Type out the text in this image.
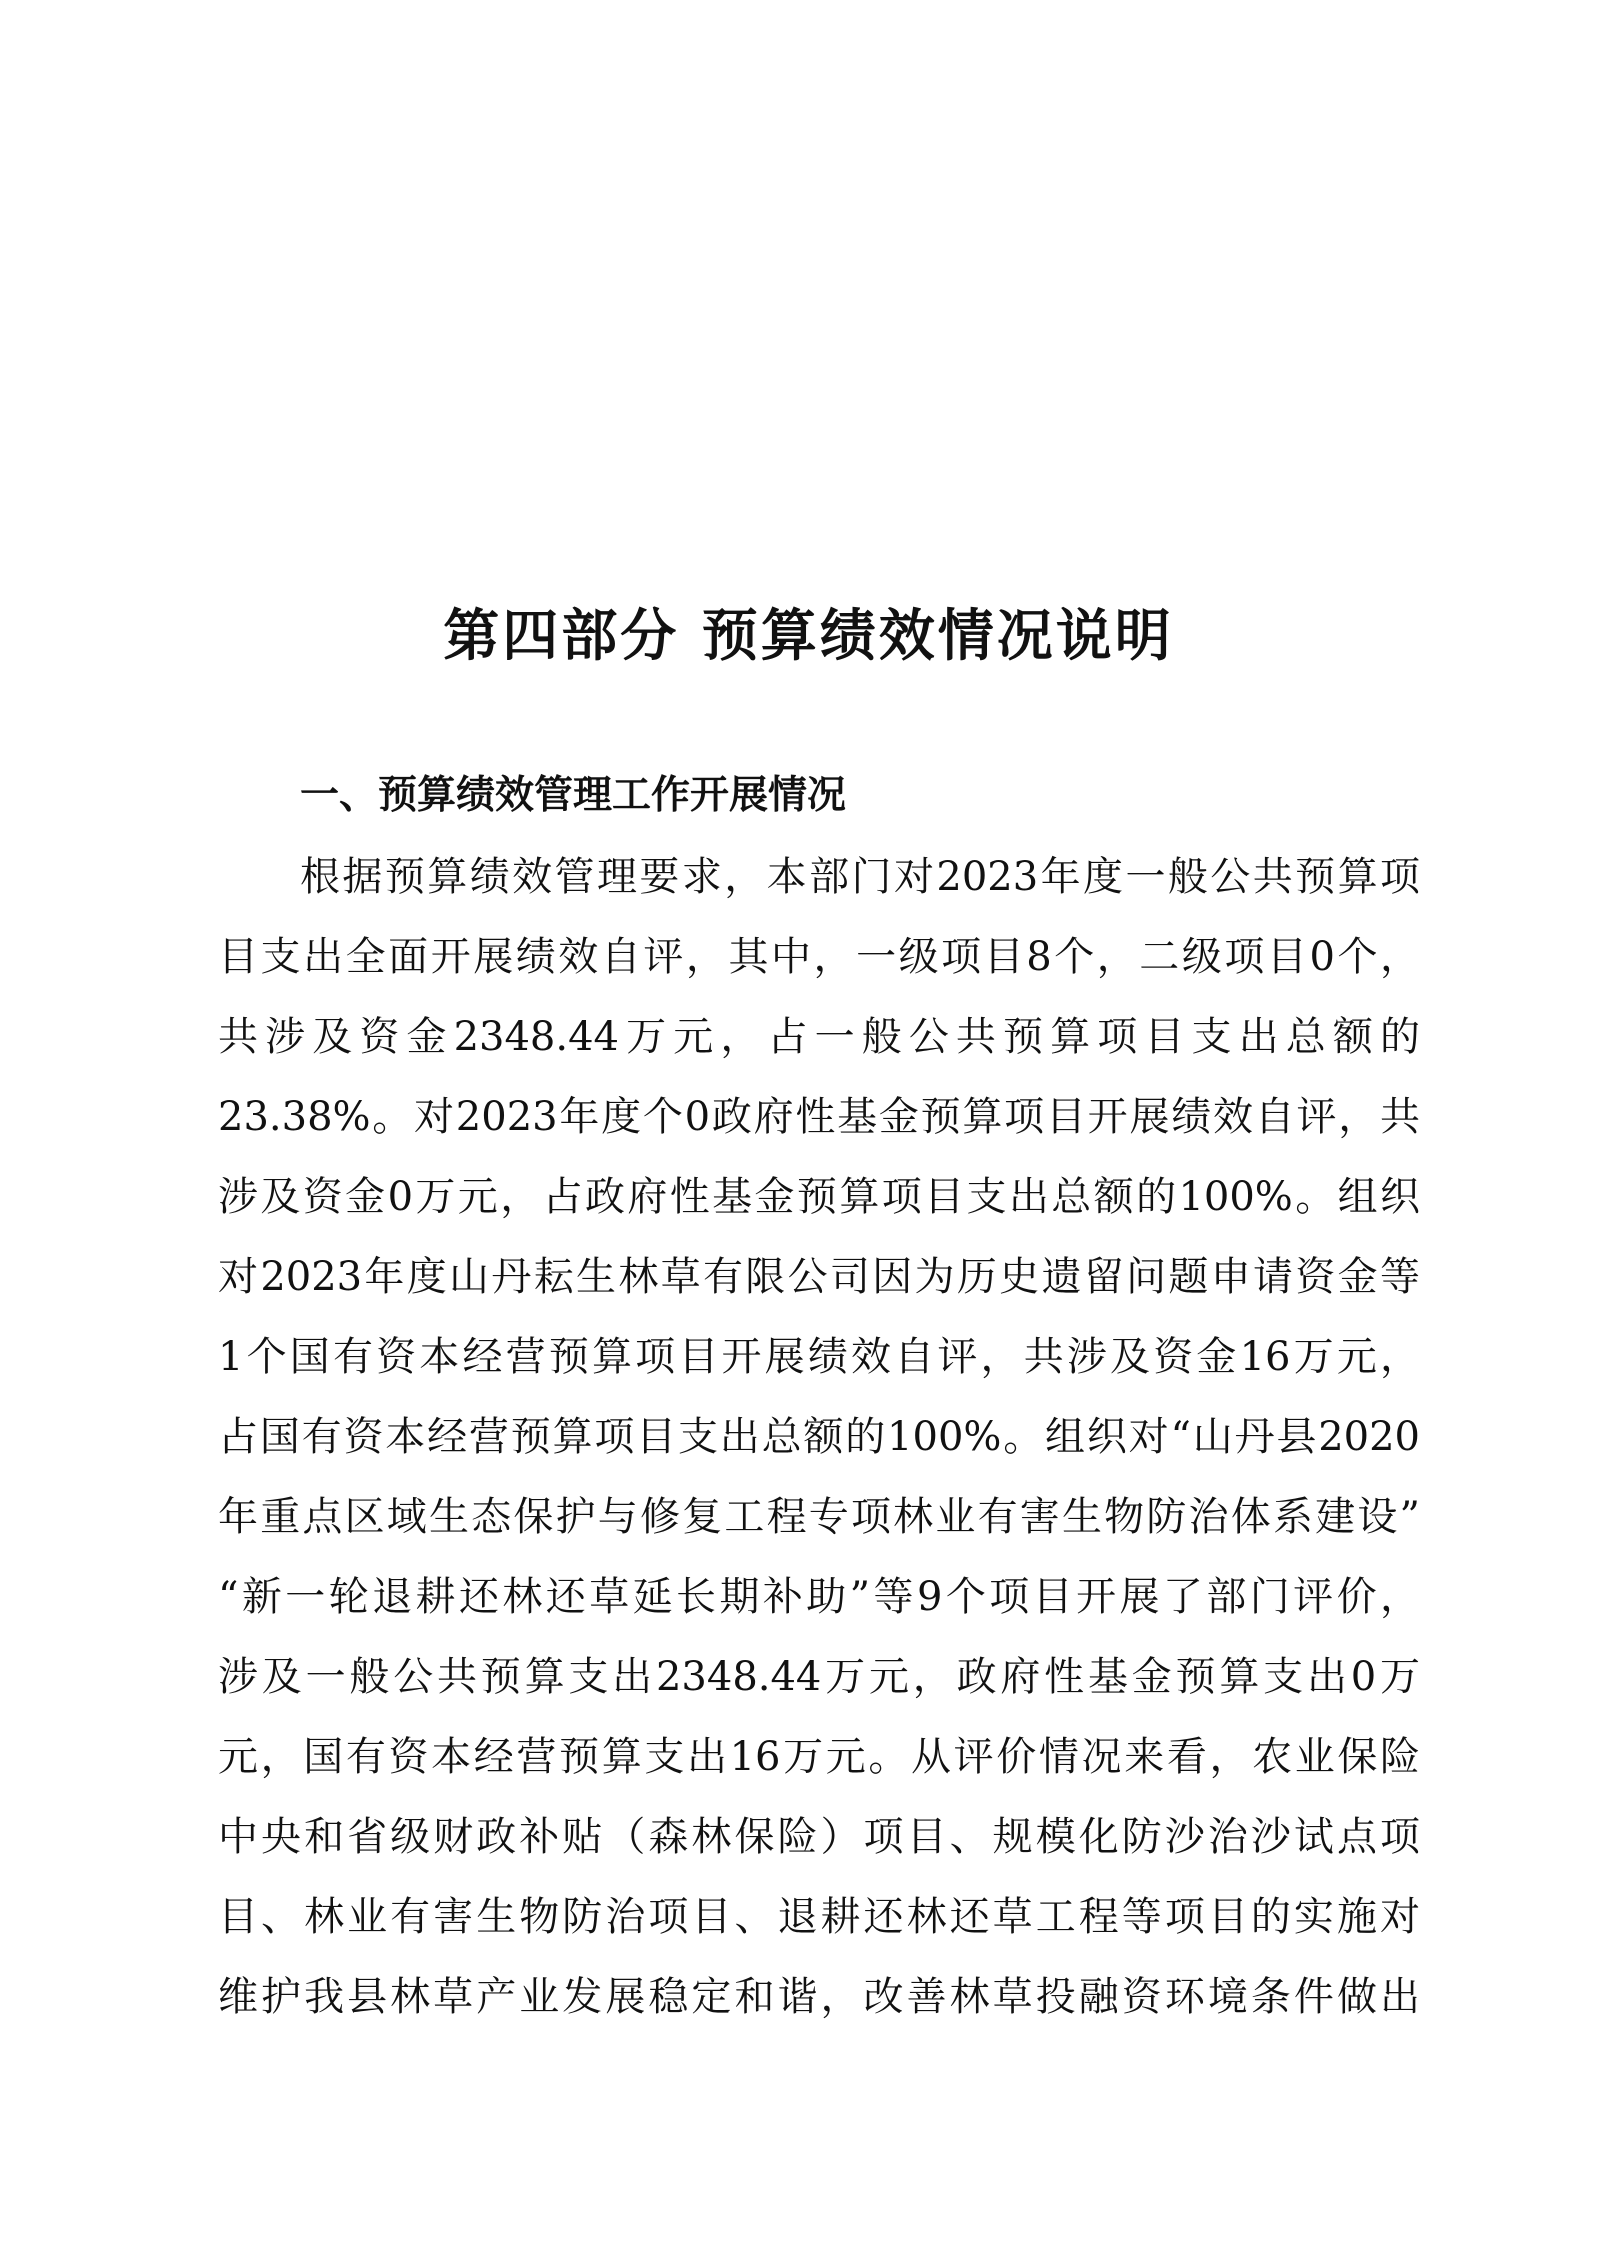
第四部分 预算绩效情况说明
一、预算绩效管理工作开展情况
根据预算绩效管理要求，本部门对2023年度一般公共预算项
目支出全面开展绩效自评，其中，一级项目8个，二级项目0个，
共涉及资金2348.44万元，占一般公共预算项目支出总额的
23.38%。对2023年度个0政府性基金预算项目开展绩效自评，共
涉及资金0万元，占政府性基金预算项目支出总额的100%。组织
对2023年度山丹耘生林草有限公司因为历史遗留问题申请资金等
1个国有资本经营预算项目开展绩效自评，共涉及资金16万元，
占国有资本经营预算项目支出总额的100%。组织对“山丹县2020
年重点区域生态保护与修复工程专项林业有害生物防治体系建设”
“新一轮退耕还林还草延长期补助”等9个项目开展了部门评价，
涉及一般公共预算支出2348.44万元，政府性基金预算支出0万
元，国有资本经营预算支出16万元。从评价情况来看，农业保险
中央和省级财政补贴（森林保险）项目、规模化防沙治沙试点项
目、林业有害生物防治项目、退耕还林还草工程等项目的实施对
维护我县林草产业发展稳定和谐，改善林草投融资环境条件做出
